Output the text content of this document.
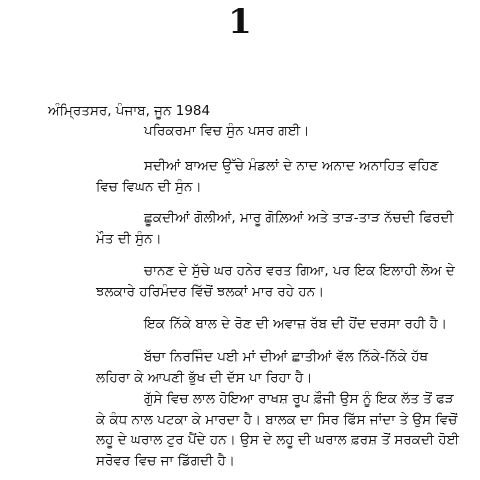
1

ਅੰਮ੍ਰਿਤਸਰ, ਪੰਜਾਬ, ਜੂਨ 1984

ਪਰਿਕਰਮਾ ਵਿਚ ਸੁੰਨ ਪਸਰ ਗਈ।

ਸਦੀਆਂ ਬਾਅਦ ਉੱਚੇ ਮੰਡਲਾਂ ਦੇ ਨਾਦ ਅਨਾਦ ਅਨਾਹਿਤ ਵਹਿਣ
ਵਿਚ ਵਿਘਨ ਦੀ ਸੁੰਨ।

ਛੂਕਦੀਆਂ ਗੋਲੀਆਂ, ਮਾਰੂ ਗੋਲ਼ਿਆਂ ਅਤੇ ਤਾੜ-ਤਾੜ ਨੱਚਦੀ ਫਿਰਦੀ
ਮੌਤ ਦੀ ਸੁੰਨ।

ਚਾਨਣ ਦੇ ਸੁੱਚੇ ਘਰ ਹਨੇਰ ਵਰਤ ਗਿਆ, ਪਰ ਇਕ ਇਲਾਹੀ ਲੋਅ ਦੇ
ਝਲਕਾਰੇ ਹਰਿਮੰਦਰ ਵਿੱਚੋਂ ਝਲਕਾਂ ਮਾਰ ਰਹੇ ਹਨ।

ਇਕ ਨਿੱਕੇ ਬਾਲ ਦੇ ਰੋਣ ਦੀ ਅਵਾਜ਼ ਰੱਬ ਦੀ ਹੋਂਦ ਦਰਸਾ ਰਹੀ ਹੈ।

ਬੱਚਾ ਨਿਰਜਿੰਦ ਪਈ ਮਾਂ ਦੀਆਂ ਛਾਤੀਆਂ ਵੱਲ ਨਿੱਕੇ-ਨਿੱਕੇ ਹੱਥ
ਲਹਿਰਾ ਕੇ ਆਪਣੀ ਭੁੱਖ ਦੀ ਦੱਸ ਪਾ ਰਿਹਾ ਹੈ।

ਗੁੱਸੇ ਵਿਚ ਲਾਲ ਹੋਇਆ ਰਾਖਸ਼ ਰੂਪ ਫ਼ੌਜੀ ਉਸ ਨੂੰ ਇਕ ਲੱਤ ਤੋਂ ਫੜ
ਕੇ ਕੰਧ ਨਾਲ ਪਟਕਾ ਕੇ ਮਾਰਦਾ ਹੈ। ਬਾਲਕ ਦਾ ਸਿਰ ਫਿੱਸ ਜਾਂਦਾ ਤੇ ਉਸ ਵਿਚੋਂ
ਲਹੂ ਦੇ ਘਰਾਲ ਟੁਰ ਪੈਂਦੇ ਹਨ। ਉਸ ਦੇ ਲਹੂ ਦੀ ਘਰਾਲ ਫ਼ਰਸ਼ ਤੋਂ ਸਰਕਦੀ ਹੋਈ
ਸਰੋਵਰ ਵਿਚ ਜਾ ਡਿੱਗਦੀ ਹੈ।
